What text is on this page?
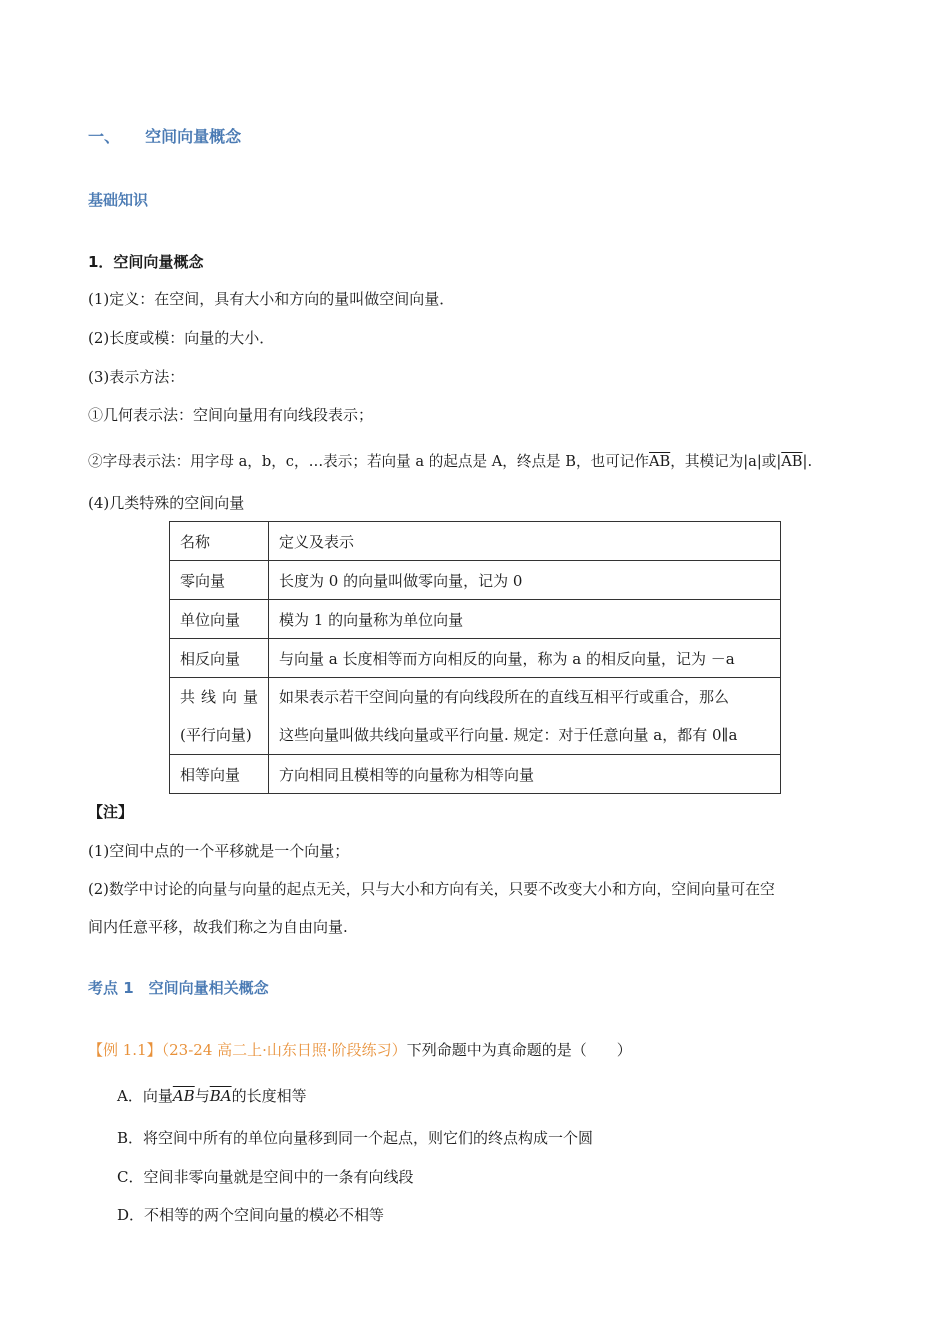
一、 空间向量概念
基础知识
1．空间向量概念
(1)定义：在空间，具有大小和方向的量叫做空间向量．
(2)长度或模：向量的大小．
(3)表示方法：
①几何表示法：空间向量用有向线段表示；
②字母表示法：用字母 a，b，c，…表示；若向量 a 的起点是 A，终点是 B，也可记作$\overline{AB}$，其模记为|a|或$|\overline{AB}|$.
(4)几类特殊的空间向量
名称	定义及表示
零向量	长度为 0 的向量叫做零向量，记为 0
单位向量	模为 1 的向量称为单位向量
相反向量	与向量 a 长度相等而方向相反的向量，称为 a 的相反向量，记为 －a

共 线 向 量
(平行向量)	如果表示若干空间向量的有向线段所在的直线互相平行或重合，那么
这些向量叫做共线向量或平行向量. 规定：对于任意向量 a，都有 0∥a

相等向量	方向相同且模相等的向量称为相等向量
【注】
(1)空间中点的一个平移就是一个向量；
(2)数学中讨论的向量与向量的起点无关，只与大小和方向有关，只要不改变大小和方向，空间向量可在空
间内任意平移，故我们称之为自由向量.
考点 1　空间向量相关概念
【例 1.1】（23-24 高二上·山东日照·阶段练习）下列命题中为真命题的是（　　）
A．向量$\overline{AB}$与$\overline{BA}$的长度相等
B．将空间中所有的单位向量移到同一个起点，则它们的终点构成一个圆
C．空间非零向量就是空间中的一条有向线段
D．不相等的两个空间向量的模必不相等
